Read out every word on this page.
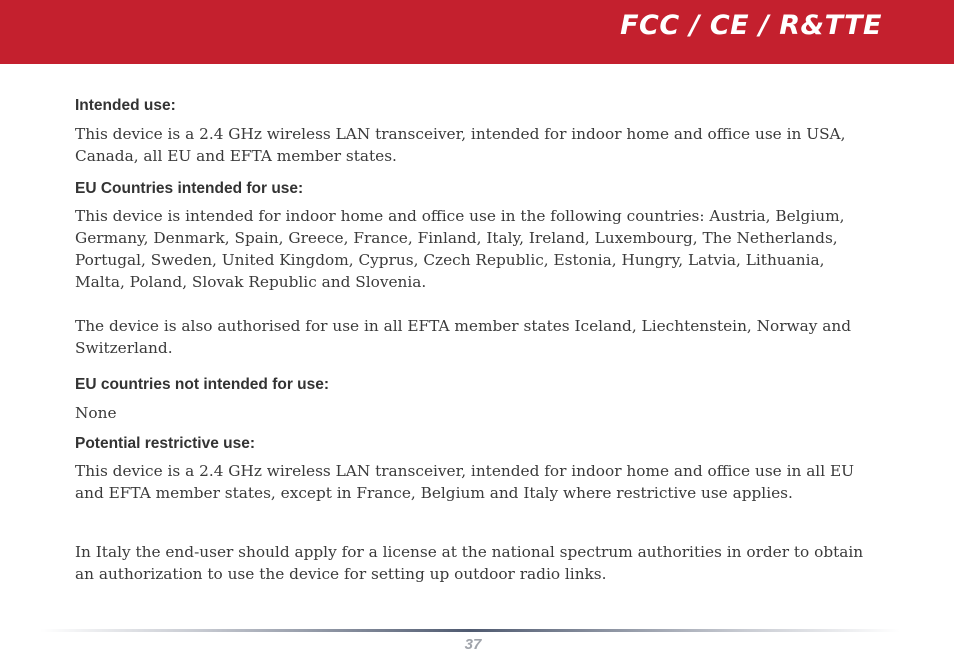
FCC / CE / R&TTE
Intended use:

This device is a 2.4 GHz wireless LAN transceiver, intended for indoor home and office use in USA, Canada, all EU and EFTA member states.

EU Countries intended for use:

This device is intended for indoor home and office use in the following countries: Austria, Belgium, Germany, Denmark, Spain, Greece, France, Finland, Italy, Ireland, Luxembourg, The Netherlands, Portugal, Sweden, United Kingdom, Cyprus, Czech Republic, Estonia, Hungry, Latvia, Lithuania, Malta, Poland, Slovak Republic and Slovenia.

The device is also authorised for use in all EFTA member states Iceland, Liechtenstein, Norway and Switzerland.

EU countries not intended for use:

None

Potential restrictive use:

This device is a 2.4 GHz wireless LAN transceiver, intended for indoor home and office use in all EU and EFTA member states, except in France, Belgium and Italy where restrictive use applies.

In Italy the end-user should apply for a license at the national spectrum authorities in order to obtain an authorization to use the device for setting up outdoor radio links.

37
